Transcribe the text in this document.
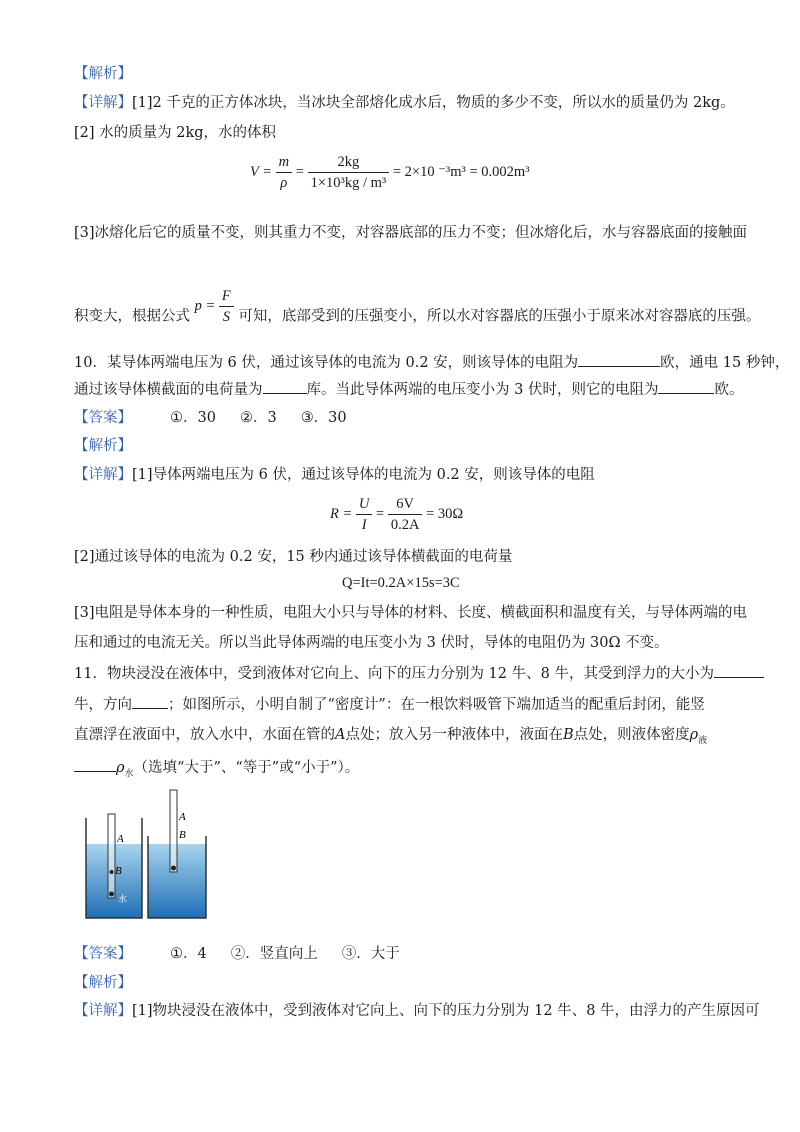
【解析】
【详解】[1]2 千克的正方体冰块，当冰块全部熔化成水后，物质的多少不变，所以水的质量仍为 2kg。
[2] 水的质量为 2kg，水的体积
$V = \frac{m}{\rho} = \frac{2kg}{\text{1×10³kg / m³}} = 2\times 10$ ⁻³m³ = 0.002m³
[3]冰熔化后它的质量不变，则其重力不变，对容器底部的压力不变；但冰熔化后，水与容器底面的接触面
积变大，根据公式 $p = \frac{F}{S}$ 可知，底部受到的压强变小，所以水对容器底的压强小于原来冰对容器底的压强。
10．某导体两端电压为 6 伏，通过该导体的电流为 0.2 安，则该导体的电阻为	欧，通电 15 秒钟，
通过该导体横截面的电荷量为	库。当此导体两端的电压变小为 3 伏时，则它的电阻为	欧。
【答案】	①．30 ②．3 ③．30
【解析】
【详解】[1]导体两端电压为 6 伏，通过该导体的电流为 0.2 安，则该导体的电阻
$R = \frac{U}{I} = \frac{6V}{0.2A} = 30\Omega$
[2]通过该导体的电流为 0.2 安，15 秒内通过该导体横截面的电荷量
Q=It=0.2A×15s=3C
[3]电阻是导体本身的一种性质，电阻大小只与导体的材料、长度、横截面积和温度有关，与导体两端的电
压和通过的电流无关。所以当此导体两端的电压变小为 3 伏时，导体的电阻仍为 30Ω 不变。
11．物块浸没在液体中，受到液体对它向上、向下的压力分别为 12 牛、8 牛，其受到浮力的大小为
牛，方向 ；如图所示，小明自制了“密度计”：在一根饮料吸管下端加适当的配重后封闭，能竖
直漂浮在液面中，放入水中，水面在管的A点处；放入另一种液体中，液面在B点处，则液体密度$\rho_液$
$\rho_水$（选填“大于”、“等于”或“小于”）。
A
B
水
A
B
【答案】	①．4 ②．竖直向上 ③．大于
【解析】
【详解】[1]物块浸没在液体中，受到液体对它向上、向下的压力分别为 12 牛、8 牛，由浮力的产生原因可
